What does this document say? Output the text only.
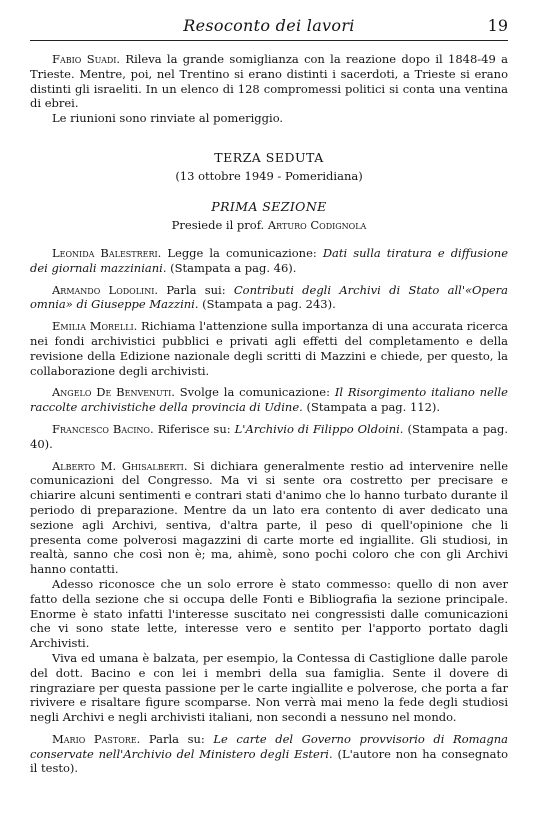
Resoconto dei lavori	19

Fabio Suadi. Rileva la grande somiglianza con la reazione dopo il 1848-49 a Trieste. Mentre, poi, nel Trentino si erano distinti i sacerdoti, a Trieste si erano distinti gli israeliti. In un elenco di 128 compromessi politici si conta una ventina di ebrei.

Le riunioni sono rinviate al pomeriggio.

TERZA SEDUTA
(13 ottobre 1949 - Pomeridiana)
PRIMA SEZIONE
Presiede il prof. Arturo Codignola

Leonida Balestreri. Legge la comunicazione: Dati sulla tiratura e diffusione dei giornali mazziniani. (Stampata a pag. 46).

Armando Lodolini. Parla sui: Contributi degli Archivi di Stato all'«Opera omnia» di Giuseppe Mazzini. (Stampata a pag. 243).

Emilia Morelli. Richiama l'attenzione sulla importanza di una accurata ricerca nei fondi archivistici pubblici e privati agli effetti del completamento e della revisione della Edizione nazionale degli scritti di Mazzini e chiede, per questo, la collaborazione degli archivisti.

Angelo De Benvenuti. Svolge la comunicazione: Il Risorgimento italiano nelle raccolte archivistiche della provincia di Udine. (Stampata a pag. 112).

Francesco Bacino. Riferisce su: L'Archivio di Filippo Oldoini. (Stampata a pag. 40).

Alberto M. Ghisalberti. Si dichiara generalmente restio ad intervenire nelle comunicazioni del Congresso. Ma vi si sente ora costretto per precisare e chiarire alcuni sentimenti e contrari stati d'animo che lo hanno turbato durante il periodo di preparazione. Mentre da un lato era contento di aver dedicato una sezione agli Archivi, sentiva, d'altra parte, il peso di quell'opinione che li presenta come polverosi magazzini di carte morte ed ingiallite. Gli studiosi, in realtà, sanno che così non è; ma, ahimè, sono pochi coloro che con gli Archivi hanno contatti.

Adesso riconosce che un solo errore è stato commesso: quello di non aver fatto della sezione che si occupa delle Fonti e Bibliografia la sezione principale. Enorme è stato infatti l'interesse suscitato nei congressisti dalle comunicazioni che vi sono state lette, interesse vero e sentito per l'apporto portato dagli Archivisti.

Viva ed umana è balzata, per esempio, la Contessa di Castiglione dalle parole del dott. Bacino e con lei i membri della sua famiglia. Sente il dovere di ringraziare per questa passione per le carte ingiallite e polverose, che porta a far rivivere e risaltare figure scomparse. Non verrà mai meno la fede degli studiosi negli Archivi e negli archivisti italiani, non secondi a nessuno nel mondo.

Mario Pastore. Parla su: Le carte del Governo provvisorio di Romagna conservate nell'Archivio del Ministero degli Esteri. (L'autore non ha consegnato il testo).
